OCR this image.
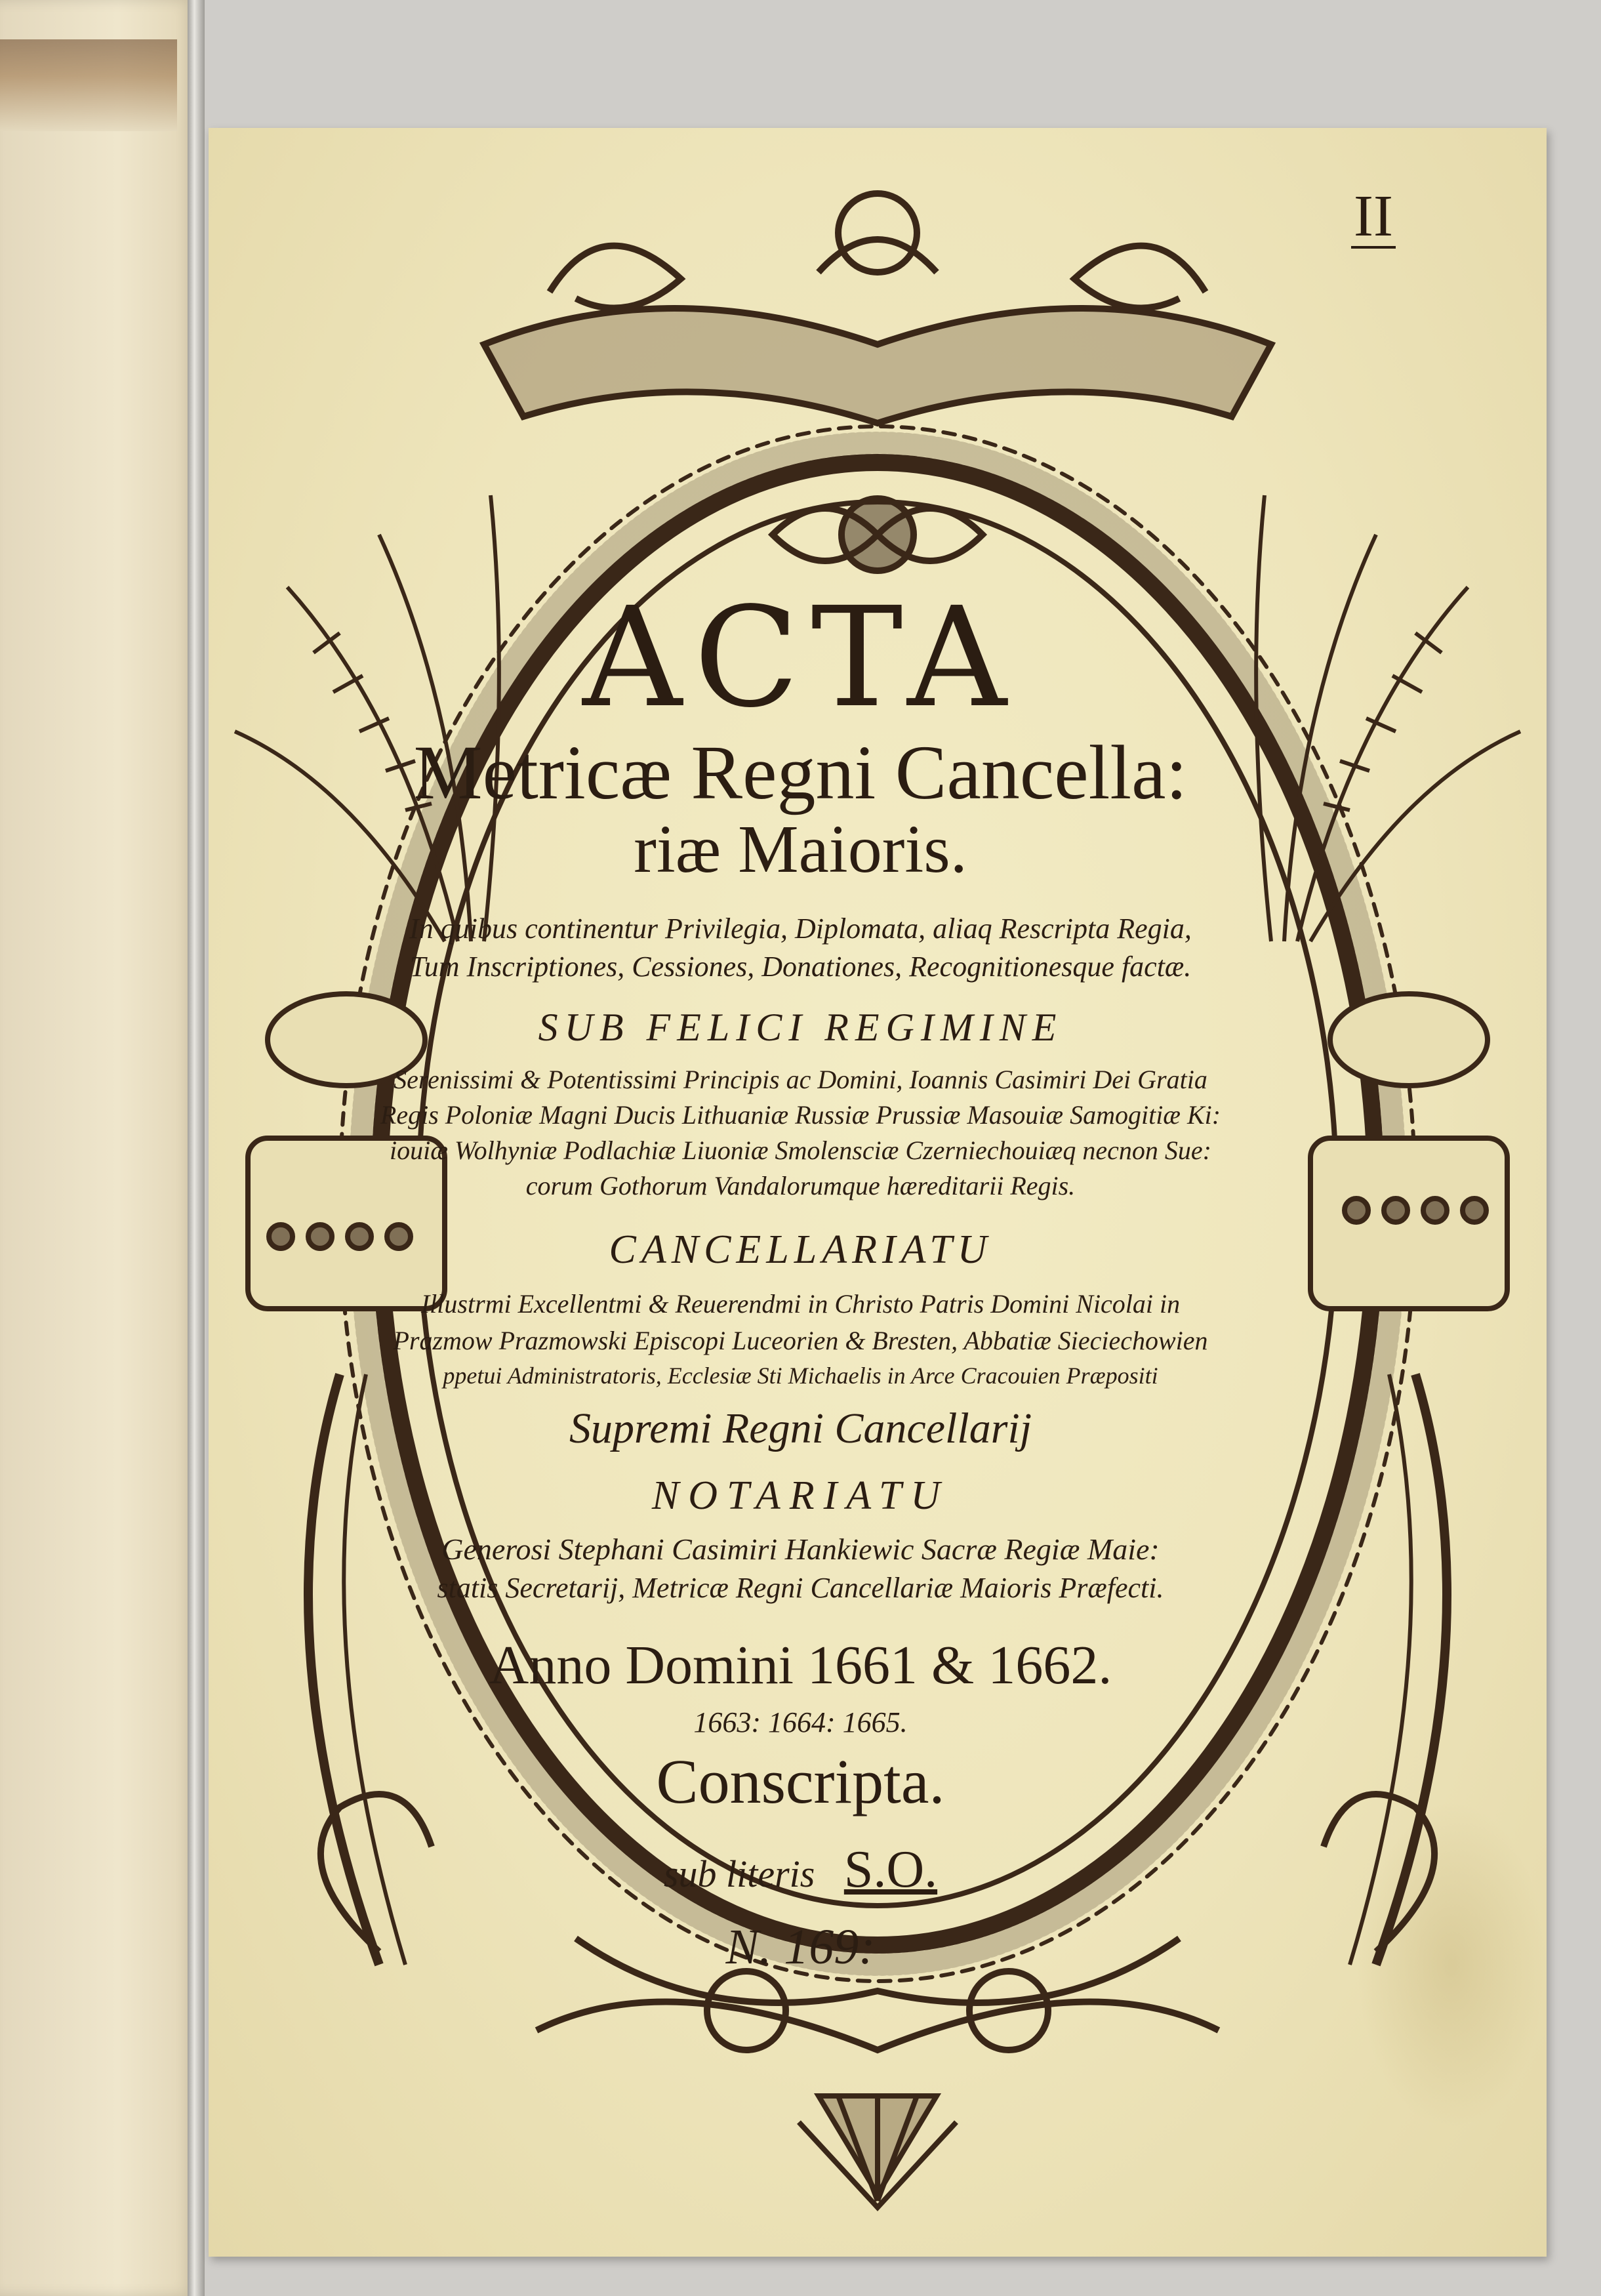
II

ACTA

Metricæ Regni Cancella:

riæ Maioris.

In quibus continentur Privilegia, Diplomata, aliaq Rescripta Regia,

Tum Inscriptiones, Cessiones, Donationes, Recognitionesque factæ.

SUB FELICI REGIMINE

Serenissimi & Potentissimi Principis ac Domini, Ioannis Casimiri Dei Gratia

Regis Poloniæ Magni Ducis Lithuaniæ Russiæ Prussiæ Masouiæ Samogitiæ Ki:

iouiæ Wolhyniæ Podlachiæ Liuoniæ Smolensciæ Czerniechouiæq necnon Sue:

corum Gothorum Vandalorumque hæreditarii Regis.

CANCELLARIATU

Illustrmi Excellentmi & Reuerendmi in Christo Patris Domini Nicolai in

Prazmow Prazmowski Episcopi Luceorien & Bresten, Abbatiæ Sieciechowien

ppetui Administratoris, Ecclesiæ Sti Michaelis in Arce Cracouien Præpositi

Supremi Regni Cancellarij

NOTARIATU

Generosi Stephani Casimiri Hankiewic Sacræ Regiæ Maie:

statis Secretarij, Metricæ Regni Cancellariæ Maioris Præfecti.

Anno Domini 1661 & 1662.

1663: 1664: 1665.

Conscripta.

sub literis S.O.

N. 169:
